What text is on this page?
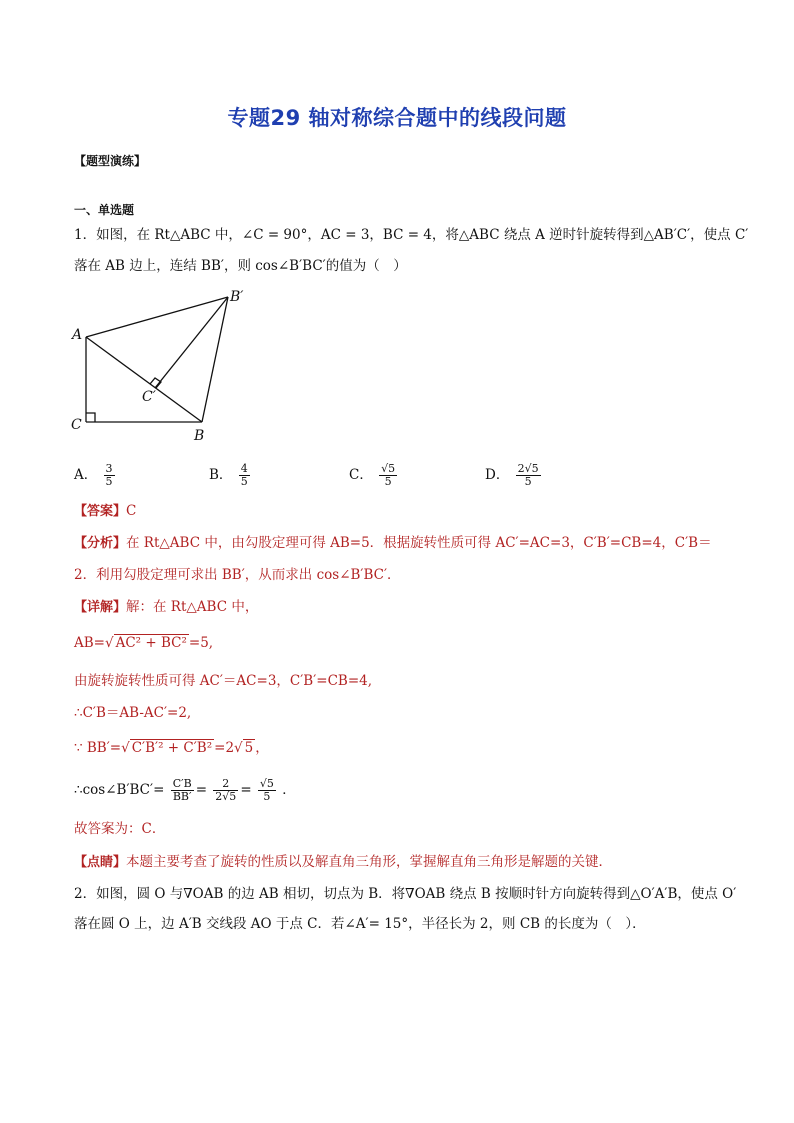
专题29 轴对称综合题中的线段问题
【题型演练】
一、单选题
1．如图，在 Rt△ABC 中，∠C = 90°，AC = 3，BC = 4，将△ABC 绕点 A 逆时针旋转得到△AB′C′，使点 C′
落在 AB 边上，连结 BB′，则 cos∠B′BC′的值为（　）
A
C
B
B′
C′
A． $\frac{3}{5}$	B． $\frac{4}{5}$	C． $\frac{√5}{5}$	D． $\frac{2√5}{5}$
【答案】C
【分析】在 Rt△ABC 中，由勾股定理可得 AB=5．根据旋转性质可得 AC′=AC=3，C′B′=CB=4，C′B＝
2．利用勾股定理可求出 BB′，从而求出 cos∠B′BC′．
【详解】解：在 Rt△ABC 中，
AB=√ AC² + BC² =5,
由旋转旋转性质可得 AC′＝AC=3，C′B′=CB=4,
∴C′B＝AB-AC′=2,
∵ BB′=√ C′B′² + C′B² =2√ 5 ，
∴cos∠B′BC′= $\frac{C'B}{BB'} = \frac{2}{2√5} = \frac{√5}{5}$ ．
故答案为：C．
【点睛】本题主要考查了旋转的性质以及解直角三角形，掌握解直角三角形是解题的关键．
2．如图，圆 O 与∇OAB 的边 AB 相切，切点为 B．将∇OAB 绕点 B 按顺时针方向旋转得到△O′A′B，使点 O′
落在圆 O 上，边 A′B 交线段 AO 于点 C．若∠A′= 15°，半径长为 2，则 CB 的长度为（　）．
